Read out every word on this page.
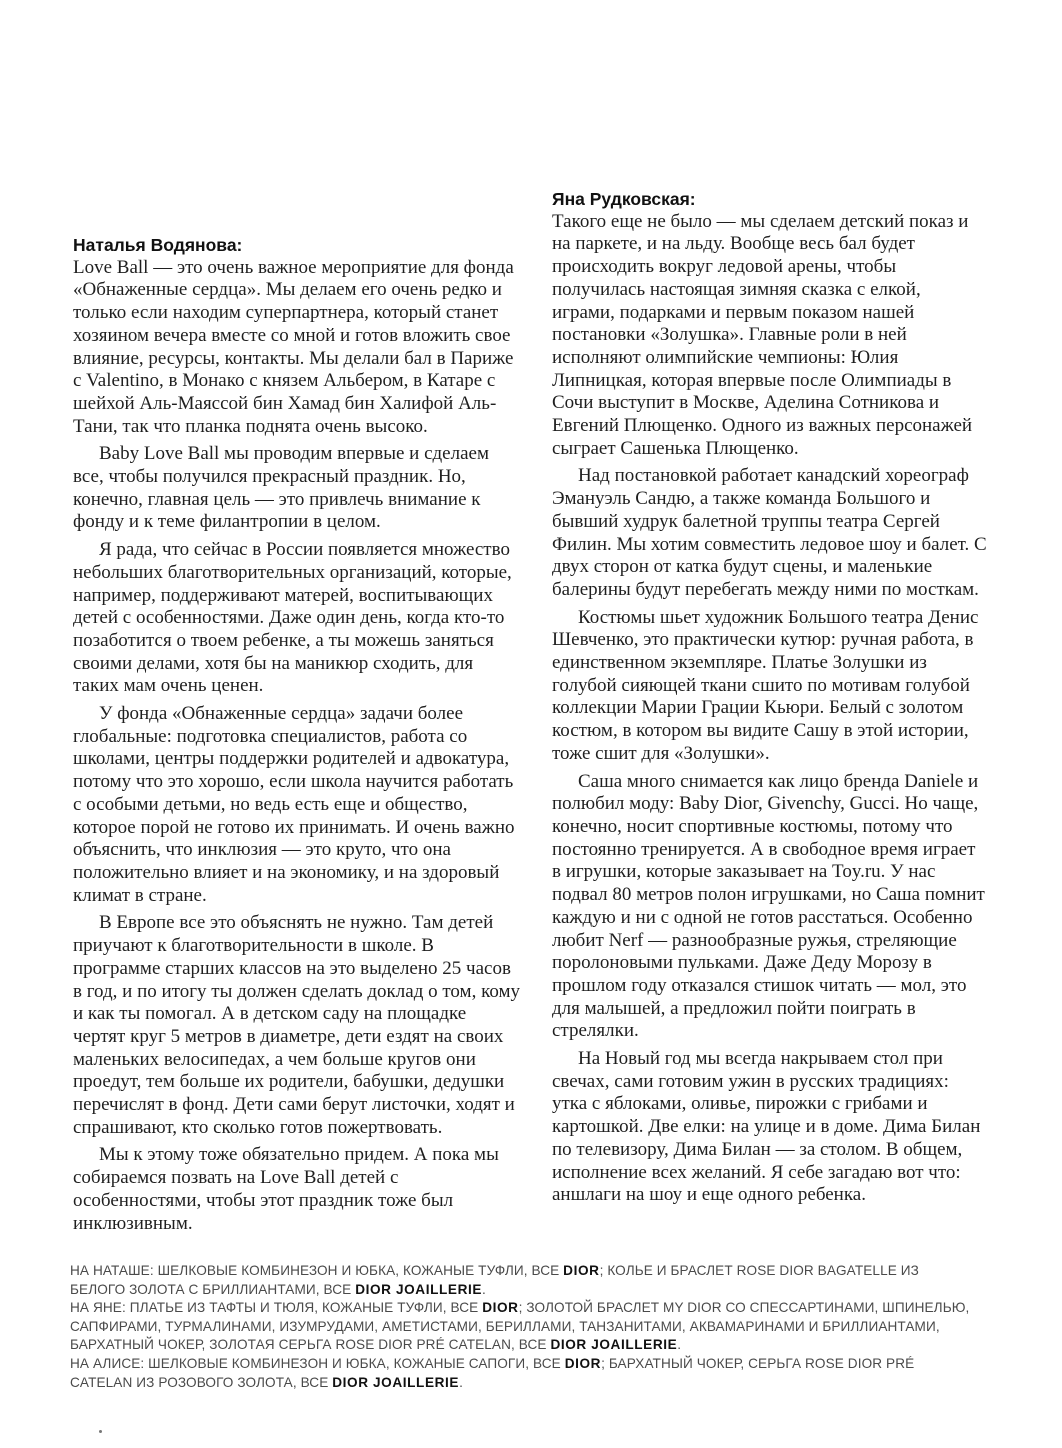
Наталья Водянова:

Love Ball — это очень важное мероприятие для фонда «Обнаженные сердца». Мы делаем его очень редко и только если находим суперпартнера, который станет хозяином вечера вместе со мной и готов вложить свое влияние, ресурсы, контакты. Мы делали бал в Париже с Valentino, в Монако с князем Альбером, в Катаре с шейхой Аль-Маяссой бин Хамад бин Халифой Аль-Тани, так что планка поднята очень высоко.

Baby Love Ball мы проводим впервые и сделаем все, чтобы получился прекрасный праздник. Но, конечно, главная цель — это привлечь внимание к фонду и к теме филантропии в целом.

Я рада, что сейчас в России появляется множество небольших благотворительных организаций, которые, например, поддерживают матерей, воспитывающих детей с особенностями. Даже один день, когда кто-то позаботится о твоем ребенке, а ты можешь заняться своими делами, хотя бы на маникюр сходить, для таких мам очень ценен.

У фонда «Обнаженные сердца» задачи более глобальные: подготовка специалистов, работа со школами, центры поддержки родителей и адвокатура, потому что это хорошо, если школа научится работать с особыми детьми, но ведь есть еще и общество, которое порой не готово их принимать. И очень важно объяснить, что инклюзия — это круто, что она положительно влияет и на экономику, и на здоровый климат в стране.

В Европе все это объяснять не нужно. Там детей приучают к благотворительности в школе. В программе старших классов на это выделено 25 часов в год, и по итогу ты должен сделать доклад о том, кому и как ты помогал. А в детском саду на площадке чертят круг 5 метров в диаметре, дети ездят на своих маленьких велосипедах, а чем больше кругов они проедут, тем больше их родители, бабушки, дедушки перечислят в фонд. Дети сами берут листочки, ходят и спрашивают, кто сколько готов пожертвовать.

Мы к этому тоже обязательно придем. А пока мы собираемся позвать на Love Ball детей с особенностями, чтобы этот праздник тоже был инклюзивным.

Яна Рудковская:

Такого еще не было — мы сделаем детский показ и на паркете, и на льду. Вообще весь бал будет происходить вокруг ледовой арены, чтобы получилась настоящая зимняя сказка с елкой, играми, подарками и первым показом нашей постановки «Золушка». Главные роли в ней исполняют олимпийские чемпионы: Юлия Липницкая, которая впервые после Олимпиады в Сочи выступит в Москве, Аделина Сотникова и Евгений Плющенко. Одного из важных персонажей сыграет Сашенька Плющенко.

Над постановкой работает канадский хореограф Эмануэль Сандю, а также команда Большого и бывший худрук балетной труппы театра Сергей Филин. Мы хотим совместить ледовое шоу и балет. С двух сторон от катка будут сцены, и маленькие балерины будут перебегать между ними по мосткам.

Костюмы шьет художник Большого театра Денис Шевченко, это практически кутюр: ручная работа, в единственном экземпляре. Платье Золушки из голубой сияющей ткани сшито по мотивам голубой коллекции Марии Грации Кьюри. Белый с золотом костюм, в котором вы видите Сашу в этой истории, тоже сшит для «Золушки».

Саша много снимается как лицо бренда Daniele и полюбил моду: Baby Dior, Givenchy, Gucci. Но чаще, конечно, носит спортивные костюмы, потому что постоянно тренируется. А в свободное время играет в игрушки, которые заказывает на Toy.ru. У нас подвал 80 метров полон игрушками, но Саша помнит каждую и ни с одной не готов расстаться. Особенно любит Nerf — разнообразные ружья, стреляющие поролоновыми пульками. Даже Деду Морозу в прошлом году отказался стишок читать — мол, это для малышей, а предложил пойти поиграть в стрелялки.

На Новый год мы всегда накрываем стол при свечах, сами готовим ужин в русских традициях: утка с яблоками, оливье, пирожки с грибами и картошкой. Две елки: на улице и в доме. Дима Билан по телевизору, Дима Билан — за столом. В общем, исполнение всех желаний. Я себе загадаю вот что: аншлаги на шоу и еще одного ребенка.

НА НАТАШЕ: ШЕЛКОВЫЕ КОМБИНЕЗОН И ЮБКА, КОЖАНЫЕ ТУФЛИ, ВСЕ DIOR; КОЛЬЕ И БРАСЛЕТ ROSE DIOR BAGATELLE ИЗ БЕЛОГО ЗОЛОТА С БРИЛЛИАНТАМИ, ВСЕ DIOR JOAILLERIE.
НА ЯНЕ: ПЛАТЬЕ ИЗ ТАФТЫ И ТЮЛЯ, КОЖАНЫЕ ТУФЛИ, ВСЕ DIOR; ЗОЛОТОЙ БРАСЛЕТ MY DIOR СО СПЕССАРТИНАМИ, ШПИНЕЛЬЮ, САПФИРАМИ, ТУРМАЛИНАМИ, ИЗУМРУДАМИ, АМЕТИСТАМИ, БЕРИЛЛАМИ, ТАНЗАНИТАМИ, АКВАМАРИНАМИ И БРИЛЛИАНТАМИ, БАРХАТНЫЙ ЧОКЕР, ЗОЛОТАЯ СЕРЬГА ROSE DIOR PRÉ CATELAN, ВСЕ DIOR JOAILLERIE.
НА АЛИСЕ: ШЕЛКОВЫЕ КОМБИНЕЗОН И ЮБКА, КОЖАНЫЕ САПОГИ, ВСЕ DIOR; БАРХАТНЫЙ ЧОКЕР, СЕРЬГА ROSE DIOR PRÉ CATELAN ИЗ РОЗОВОГО ЗОЛОТА, ВСЕ DIOR JOAILLERIE.
